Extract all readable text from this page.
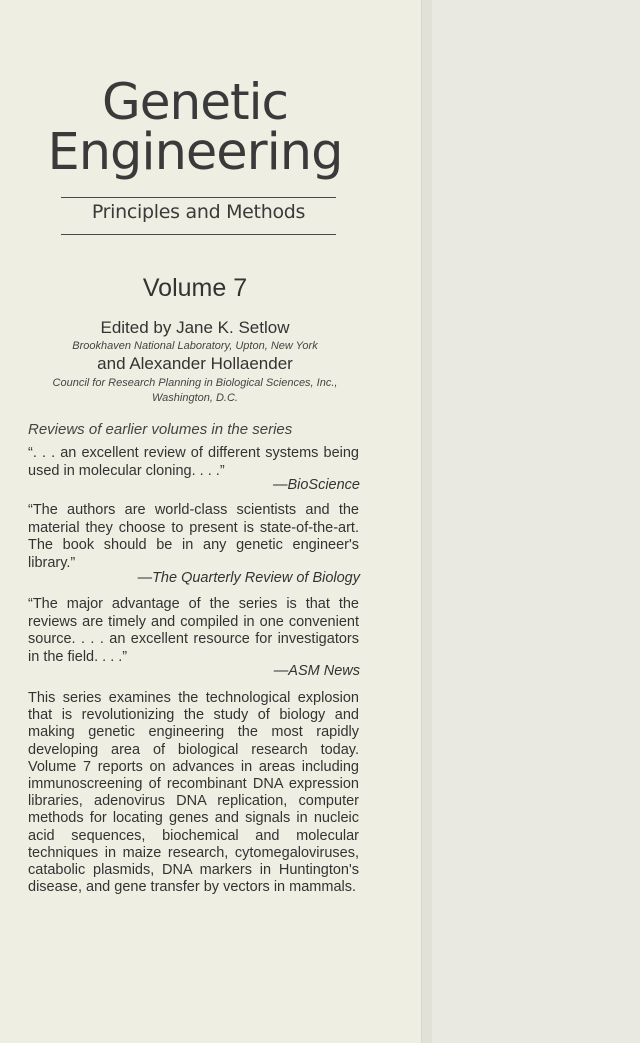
Genetic
Engineering
Principles and Methods
Volume 7
Edited by Jane K. Setlow
Brookhaven National Laboratory, Upton, New York
and Alexander Hollaender
Council for Research Planning in Biological Sciences, Inc.,
Washington, D.C.
Reviews of earlier volumes in the series
“. . . an excellent review of different systems being used in molecular cloning. . . .”
—BioScience
“The authors are world-class scientists and the material they choose to present is state-of-the-art. The book should be in any genetic engineer's library.”
—The Quarterly Review of Biology
“The major advantage of the series is that the reviews are timely and compiled in one convenient source. . . . an excellent resource for investigators in the field. . . .”
—ASM News
This series examines the technological explosion that is revolutionizing the study of biology and making genetic engineering the most rapidly developing area of biological research today. Volume 7 reports on advances in areas including immunoscreening of recombinant DNA expression libraries, adenovirus DNA replication, computer methods for locating genes and signals in nucleic acid sequences, biochemical and molecular techniques in maize research, cytomegaloviruses, catabolic plasmids, DNA markers in Huntington's disease, and gene transfer by vectors in mammals.
